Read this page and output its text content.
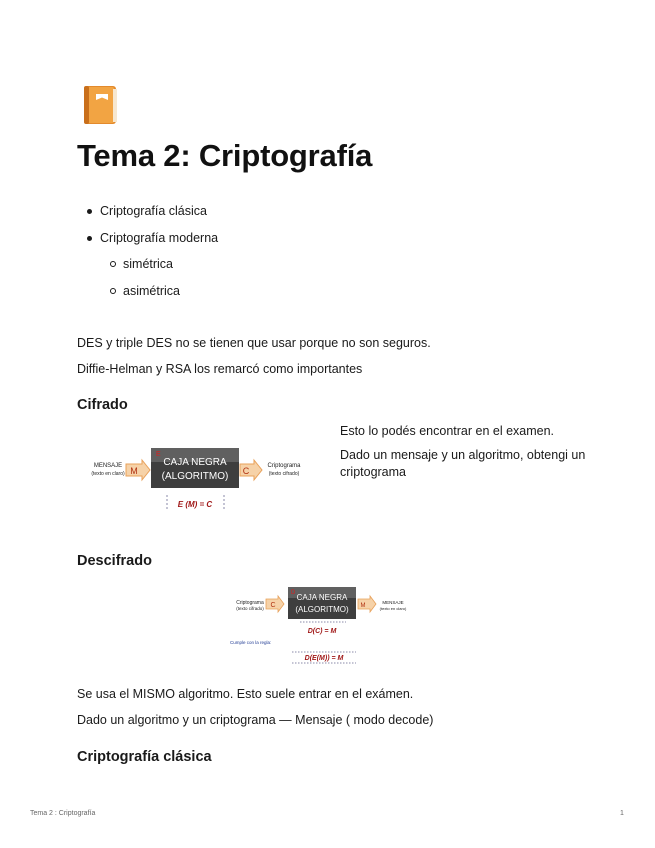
Tema 2: Criptografía
Criptografía clásica
Criptografía moderna
simétrica
asimétrica

DES y triple DES no se tienen que usar porque no son seguros.

Diffie-Helman y RSA los remarcó como importantes

Cifrado

Esto lo podés encontrar en el examen.

Dado un mensaje y un algoritmo, obtengi un criptograma

MENSAJE
(texto en claro) M
E
CAJA NEGRA
(ALGORITMO) C	Criptograma
(texto cifrado)
E (M) = C
Descifrado
Criptograma
(texto cifrado) C
D CAJA NEGRA
(ALGORITMO) M
MENSAJE
(texto en claro)
D(C) = M
Cumple con la regla:
D(E(M)) = M

Se usa el MISMO algoritmo. Esto suele entrar en el exámen.

Dado un algoritmo y un criptograma — Mensaje ( modo decode)

Criptografía clásica
Tema 2 : Criptografía	1
